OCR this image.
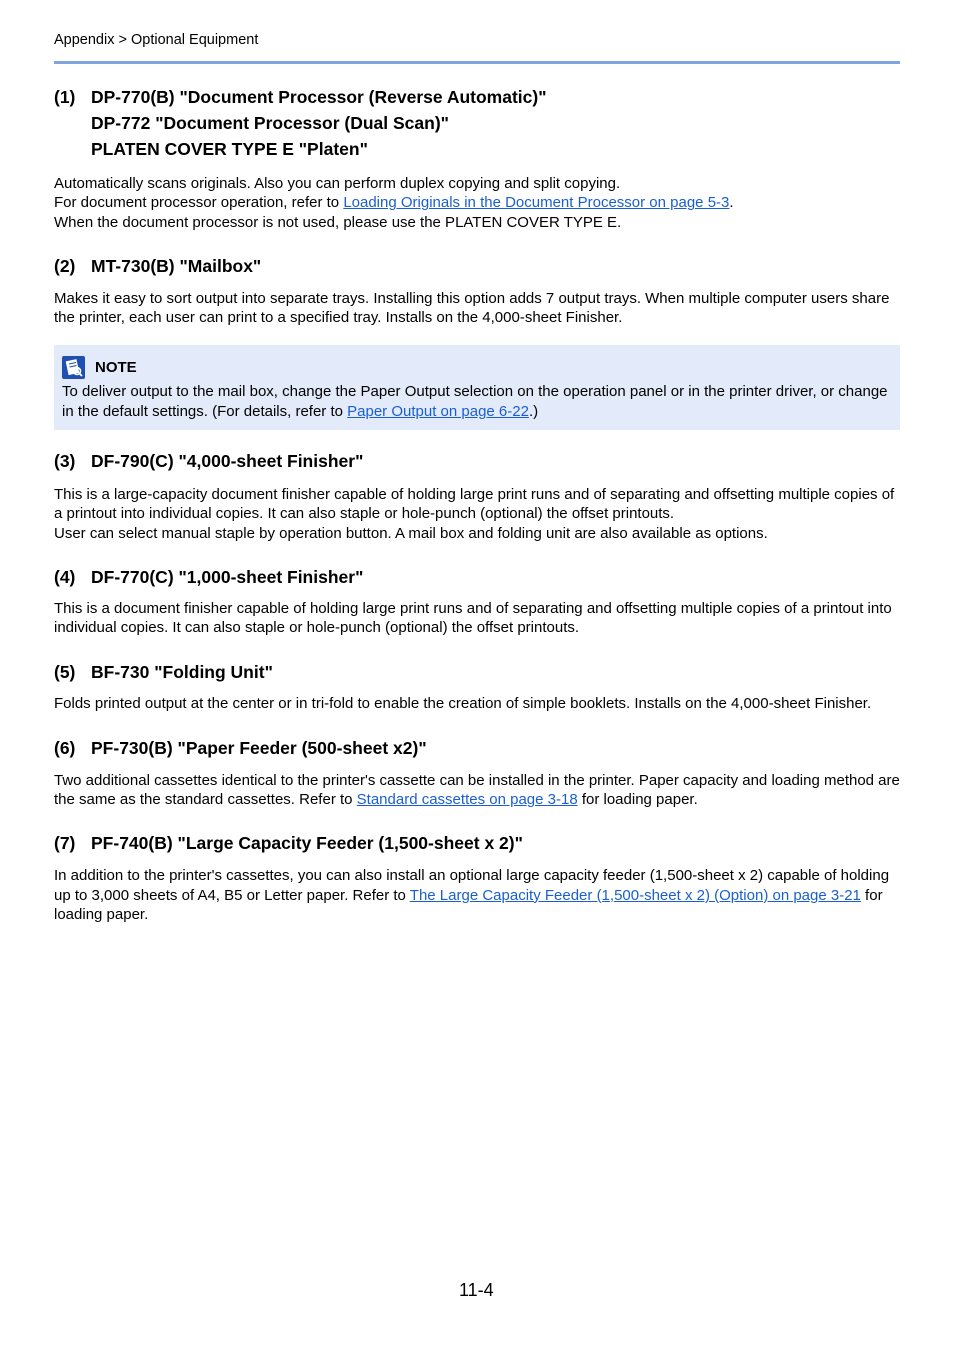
Appendix > Optional Equipment
(1) DP-770(B) "Document Processor (Reverse Automatic)"
DP-772 "Document Processor (Dual Scan)"
PLATEN COVER TYPE E "Platen"

Automatically scans originals. Also you can perform duplex copying and split copying.
For document processor operation, refer to Loading Originals in the Document Processor on page 5-3.
When the document processor is not used, please use the PLATEN COVER TYPE E.

(2) MT-730(B) "Mailbox"

Makes it easy to sort output into separate trays. Installing this option adds 7 output trays. When multiple computer users share the printer, each user can print to a specified tray. Installs on the 4,000-sheet Finisher.

NOTE

To deliver output to the mail box, change the Paper Output selection on the operation panel or in the printer driver, or change in the default settings. (For details, refer to Paper Output on page 6-22.)

(3) DF-790(C) "4,000-sheet Finisher"

This is a large-capacity document finisher capable of holding large print runs and of separating and offsetting multiple copies of a printout into individual copies. It can also staple or hole-punch (optional) the offset printouts.
User can select manual staple by operation button. A mail box and folding unit are also available as options.

(4) DF-770(C) "1,000-sheet Finisher"

This is a document finisher capable of holding large print runs and of separating and offsetting multiple copies of a printout into individual copies. It can also staple or hole-punch (optional) the offset printouts.

(5) BF-730 "Folding Unit"

Folds printed output at the center or in tri-fold to enable the creation of simple booklets. Installs on the 4,000-sheet Finisher.

(6) PF-730(B) "Paper Feeder (500-sheet x2)"

Two additional cassettes identical to the printer's cassette can be installed in the printer. Paper capacity and loading method are the same as the standard cassettes. Refer to Standard cassettes on page 3-18 for loading paper.

(7) PF-740(B) "Large Capacity Feeder (1,500-sheet x 2)"

In addition to the printer's cassettes, you can also install an optional large capacity feeder (1,500-sheet x 2) capable of holding up to 3,000 sheets of A4, B5 or Letter paper. Refer to The Large Capacity Feeder (1,500-sheet x 2) (Option) on page 3-21 for loading paper.

11-4
